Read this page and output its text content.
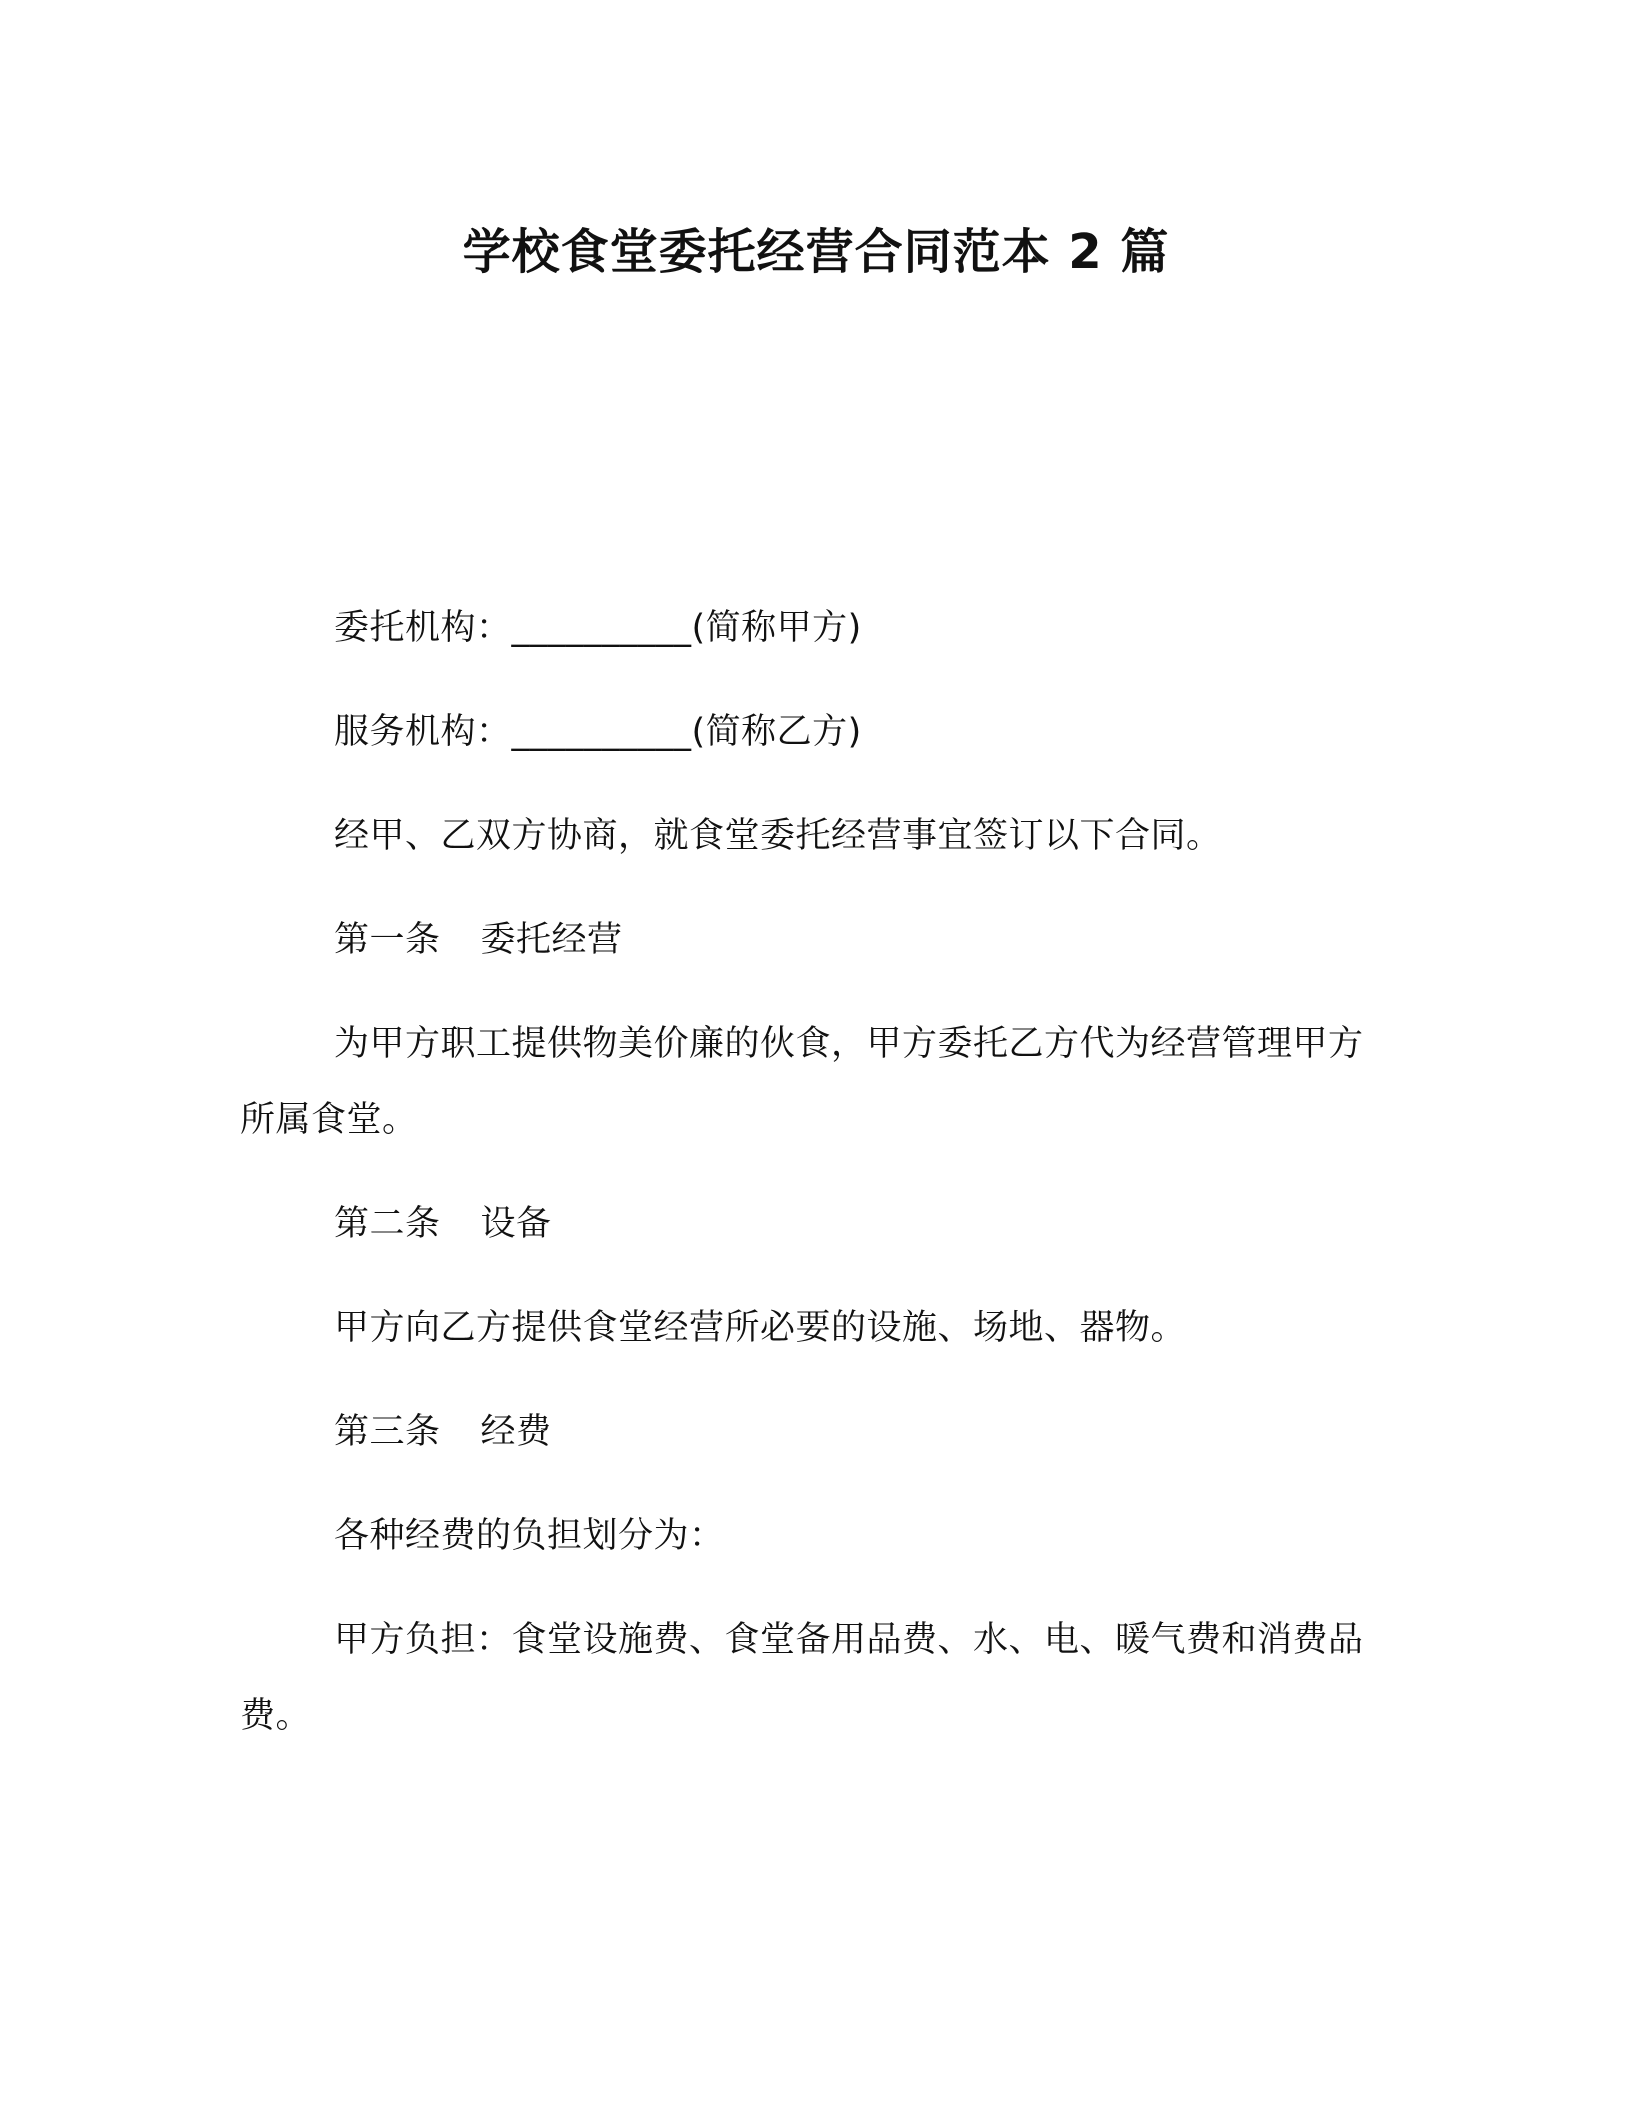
学校食堂委托经营合同范本 2 篇

委托机构：__________(简称甲方)

服务机构：__________(简称乙方)

经甲、乙双方协商，就食堂委托经营事宜签订以下合同。

第一条 委托经营

为甲方职工提供物美价廉的伙食，甲方委托乙方代为经营管理甲方所属食堂。

第二条 设备

甲方向乙方提供食堂经营所必要的设施、场地、器物。

第三条 经费

各种经费的负担划分为：

甲方负担：食堂设施费、食堂备用品费、水、电、暖气费和消费品费。
